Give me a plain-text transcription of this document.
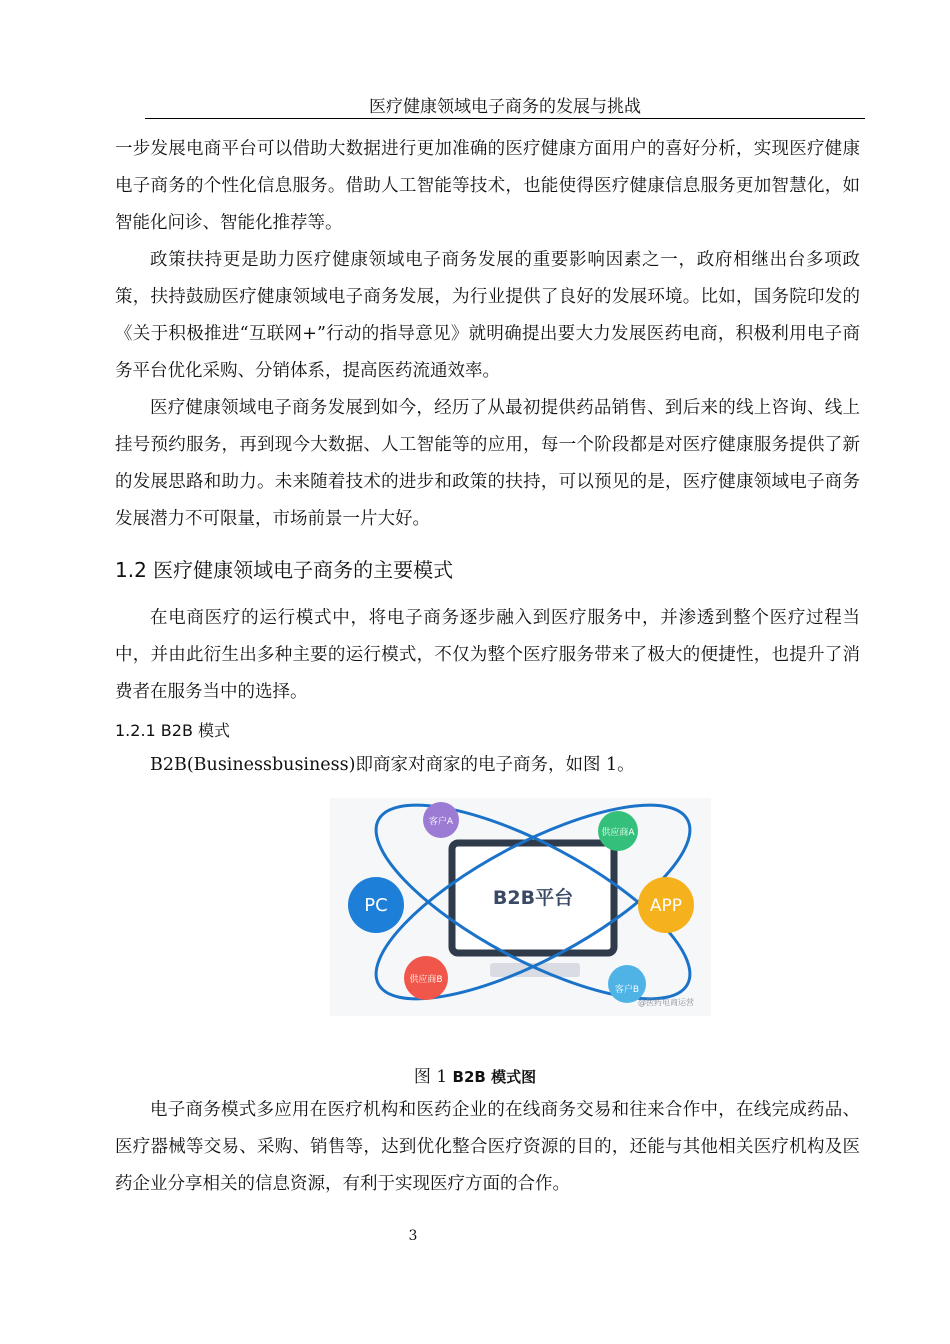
医疗健康领域电子商务的发展与挑战
一步发展电商平台可以借助大数据进行更加准确的医疗健康方面用户的喜好分析，实现医疗健康电子商务的个性化信息服务。借助人工智能等技术，也能使得医疗健康信息服务更加智慧化，如智能化问诊、智能化推荐等。
政策扶持更是助力医疗健康领域电子商务发展的重要影响因素之一，政府相继出台多项政策，扶持鼓励医疗健康领域电子商务发展，为行业提供了良好的发展环境。比如，国务院印发的《关于积极推进“互联网+”行动的指导意见》就明确提出要大力发展医药电商，积极利用电子商务平台优化采购、分销体系，提高医药流通效率。
医疗健康领域电子商务发展到如今，经历了从最初提供药品销售、到后来的线上咨询、线上挂号预约服务，再到现今大数据、人工智能等的应用，每一个阶段都是对医疗健康服务提供了新的发展思路和助力。未来随着技术的进步和政策的扶持，可以预见的是，医疗健康领域电子商务发展潜力不可限量，市场前景一片大好。
1.2 医疗健康领域电子商务的主要模式
在电商医疗的运行模式中，将电子商务逐步融入到医疗服务中，并渗透到整个医疗过程当中，并由此衍生出多种主要的运行模式，不仅为整个医疗服务带来了极大的便捷性，也提升了消费者在服务当中的选择。
1.2.1 B2B 模式
B2B(Businessbusiness)即商家对商家的电子商务，如图 1。
B2B平台
PC	APP
客户A
供应商A
供应商B
客户B
@医药电商运营
图 1 B2B 模式图
电子商务模式多应用在医疗机构和医药企业的在线商务交易和往来合作中，在线完成药品、医疗器械等交易、采购、销售等，达到优化整合医疗资源的目的，还能与其他相关医疗机构及医药企业分享相关的信息资源，有利于实现医疗方面的合作。
3
